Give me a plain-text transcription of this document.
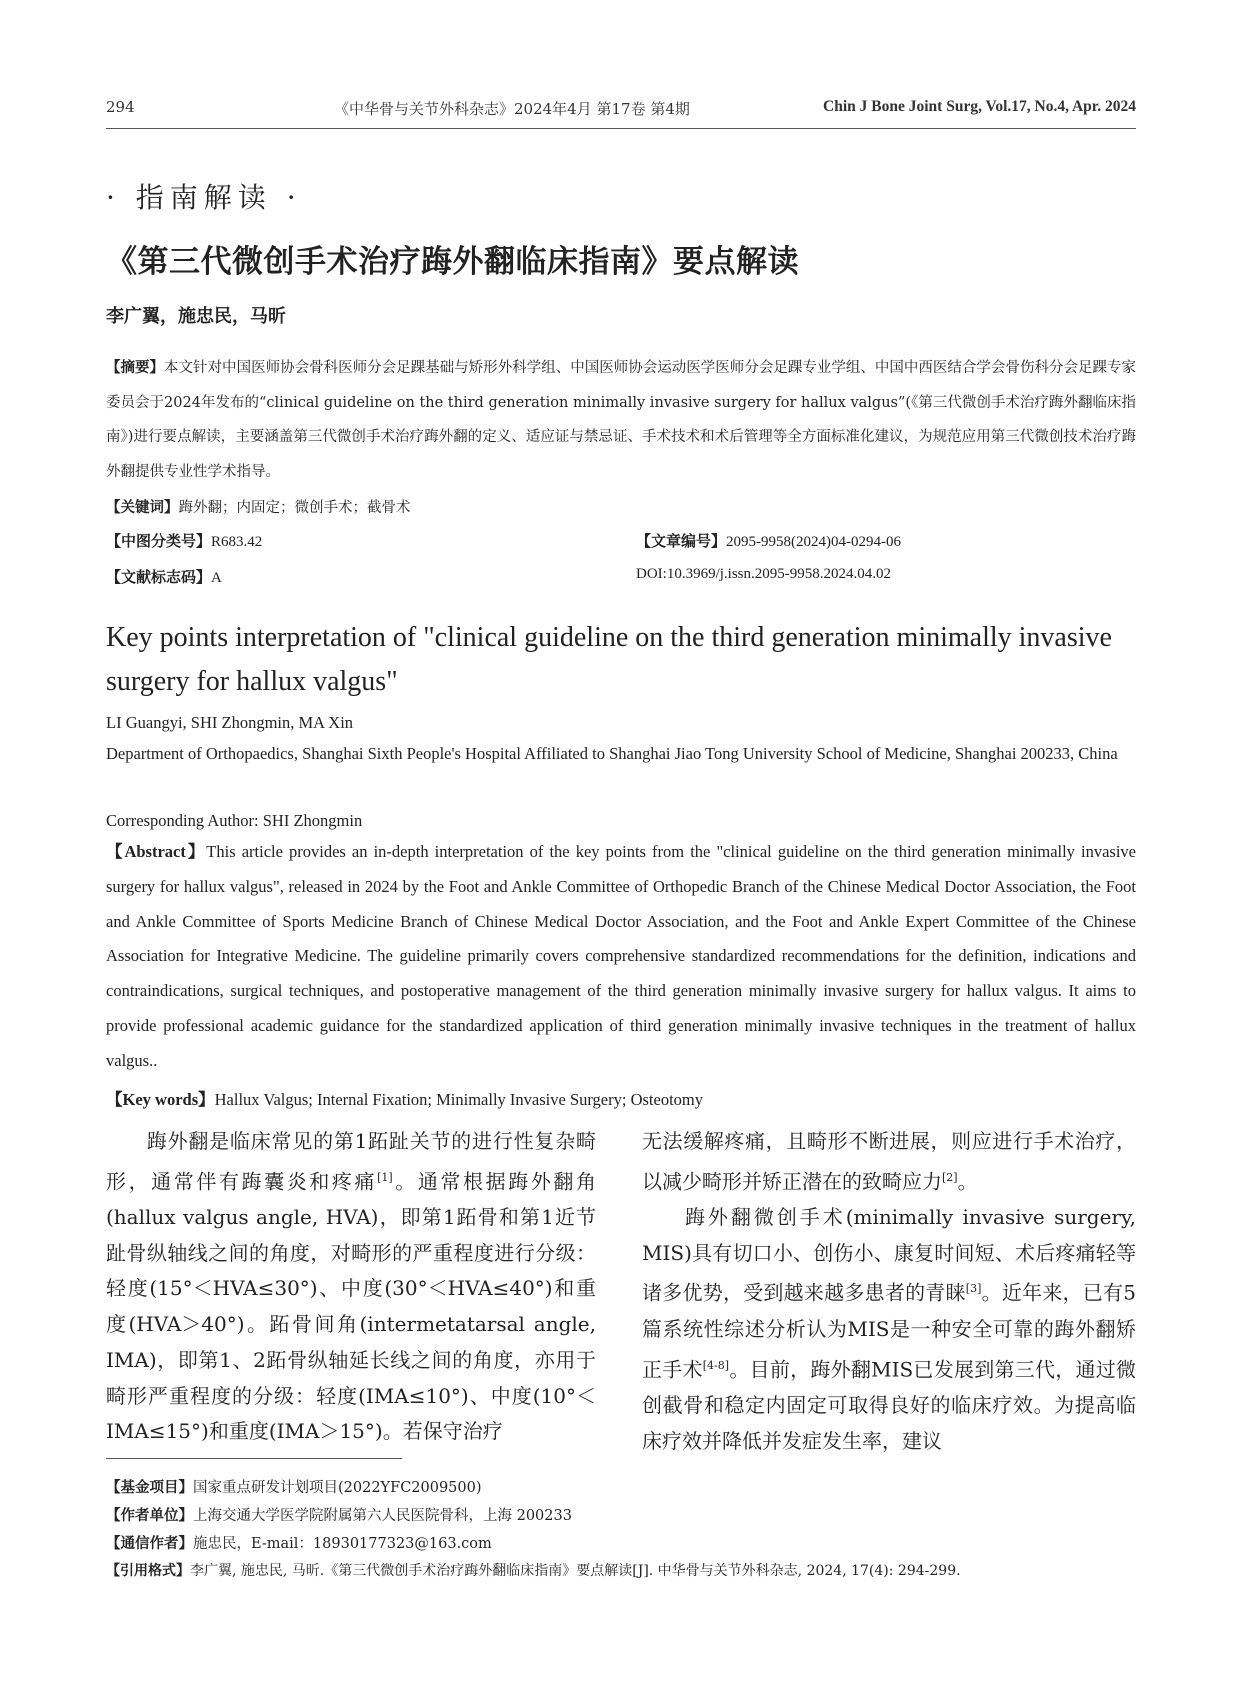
294	《中华骨与关节外科杂志》2024年4月 第17卷 第4期	Chin J Bone Joint Surg, Vol.17, No.4, Apr. 2024
· 指南解读 ·
《第三代微创手术治疗踇外翻临床指南》要点解读
李广翼，施忠民，马昕
【摘要】本文针对中国医师协会骨科医师分会足踝基础与矫形外科学组、中国医师协会运动医学医师分会足踝专业学组、中国中西医结合学会骨伤科分会足踝专家委员会于2024年发布的“clinical guideline on the third generation minimally invasive surgery for hallux valgus”(《第三代微创手术治疗踇外翻临床指南》)进行要点解读，主要涵盖第三代微创手术治疗踇外翻的定义、适应证与禁忌证、手术技术和术后管理等全方面标准化建议，为规范应用第三代微创技术治疗踇外翻提供专业性学术指导。
【关键词】踇外翻；内固定；微创手术；截骨术
【中图分类号】R683.42
【文献标志码】A
【文章编号】2095-9958(2024)04-0294-06
DOI:10.3969/j.issn.2095-9958.2024.04.02
Key points interpretation of "clinical guideline on the third generation minimally invasive surgery for hallux valgus"
LI Guangyi, SHI Zhongmin, MA Xin
Department of Orthopaedics, Shanghai Sixth People's Hospital Affiliated to Shanghai Jiao Tong University School of Medicine, Shanghai 200233, China
Corresponding Author: SHI Zhongmin
【Abstract】This article provides an in-depth interpretation of the key points from the "clinical guideline on the third generation minimally invasive surgery for hallux valgus", released in 2024 by the Foot and Ankle Committee of Orthopedic Branch of the Chinese Medical Doctor Association, the Foot and Ankle Committee of Sports Medicine Branch of Chinese Medical Doctor Association, and the Foot and Ankle Expert Committee of the Chinese Association for Integrative Medicine. The guideline primarily covers comprehensive standardized recommendations for the definition, indications and contraindications, surgical techniques, and postoperative management of the third generation minimally invasive surgery for hallux valgus. It aims to provide professional academic guidance for the standardized application of third generation minimally invasive techniques in the treatment of hallux valgus..
【Key words】Hallux Valgus; Internal Fixation; Minimally Invasive Surgery; Osteotomy
踇外翻是临床常见的第1跖趾关节的进行性复杂畸形，通常伴有踇囊炎和疼痛[1]。通常根据踇外翻角(hallux valgus angle, HVA)，即第1跖骨和第1近节趾骨纵轴线之间的角度，对畸形的严重程度进行分级：轻度(15°＜HVA≤30°)、中度(30°＜HVA≤40°)和重度(HVA＞40°)。跖骨间角(intermetatarsal angle, IMA)，即第1、2跖骨纵轴延长线之间的角度，亦用于畸形严重程度的分级：轻度(IMA≤10°)、中度(10°＜IMA≤15°)和重度(IMA＞15°)。若保守治疗
无法缓解疼痛，且畸形不断进展，则应进行手术治疗，以减少畸形并矫正潜在的致畸应力[2]。
踇外翻微创手术(minimally invasive surgery, MIS)具有切口小、创伤小、康复时间短、术后疼痛轻等诸多优势，受到越来越多患者的青睐[3]。近年来，已有5篇系统性综述分析认为MIS是一种安全可靠的踇外翻矫正手术[4-8]。目前，踇外翻MIS已发展到第三代，通过微创截骨和稳定内固定可取得良好的临床疗效。为提高临床疗效并降低并发症发生率，建议
【基金项目】国家重点研发计划项目(2022YFC2009500)
【作者单位】上海交通大学医学院附属第六人民医院骨科，上海 200233
【通信作者】施忠民，E-mail：18930177323@163.com
【引用格式】李广翼, 施忠民, 马昕.《第三代微创手术治疗踇外翻临床指南》要点解读[J]. 中华骨与关节外科杂志, 2024, 17(4): 294-299.
